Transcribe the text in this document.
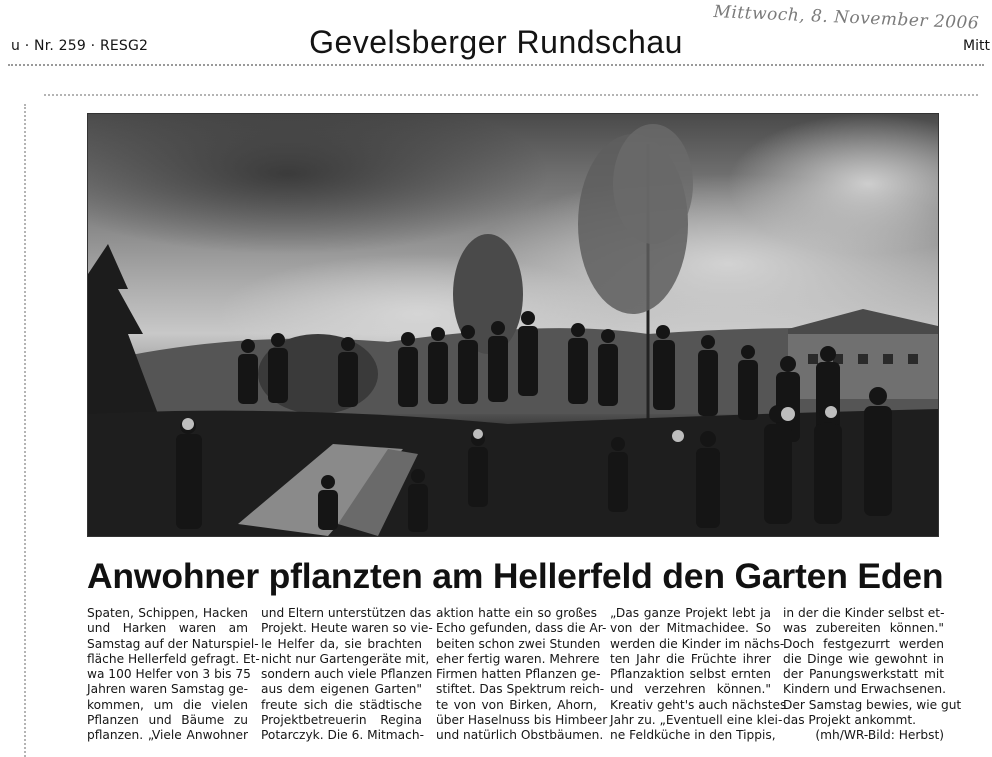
u · Nr. 259 · RESG2	Gevelsberger Rundschau	Mitt
Mittwoch, 8. November 2006
Anwohner pflanzten am Hellerfeld den Garten Eden
Spaten, Schippen, Hacken
und Harken waren am
Samstag auf der Naturspiel-
fläche Hellerfeld gefragt. Et-
wa 100 Helfer von 3 bis 75
Jahren waren Samstag ge-
kommen, um die vielen
Pflanzen und Bäume zu
pflanzen. „Viele Anwohner
und Eltern unterstützen das
Projekt. Heute waren so vie-
le Helfer da, sie brachten
nicht nur Gartengeräte mit,
sondern auch viele Pflanzen
aus dem eigenen Garten"
freute sich die städtische
Projektbetreuerin Regina
Potarczyk. Die 6. Mitmach-
aktion hatte ein so großes
Echo gefunden, dass die Ar-
beiten schon zwei Stunden
eher fertig waren. Mehrere
Firmen hatten Pflanzen ge-
stiftet. Das Spektrum reich-
te von von Birken, Ahorn,
über Haselnuss bis Himbeer
und natürlich Obstbäumen.
„Das ganze Projekt lebt ja
von der Mitmachidee. So
werden die Kinder im nächs-
ten Jahr die Früchte ihrer
Pflanzaktion selbst ernten
und verzehren können."
Kreativ geht's auch nächstes
Jahr zu. „Eventuell eine klei-
ne Feldküche in den Tippis,
in der die Kinder selbst et-
was zubereiten können."
Doch festgezurrt werden
die Dinge wie gewohnt in
der Panungswerkstatt mit
Kindern und Erwachsenen.
Der Samstag bewies, wie gut
das Projekt ankommt.
(mh/WR-Bild: Herbst)
